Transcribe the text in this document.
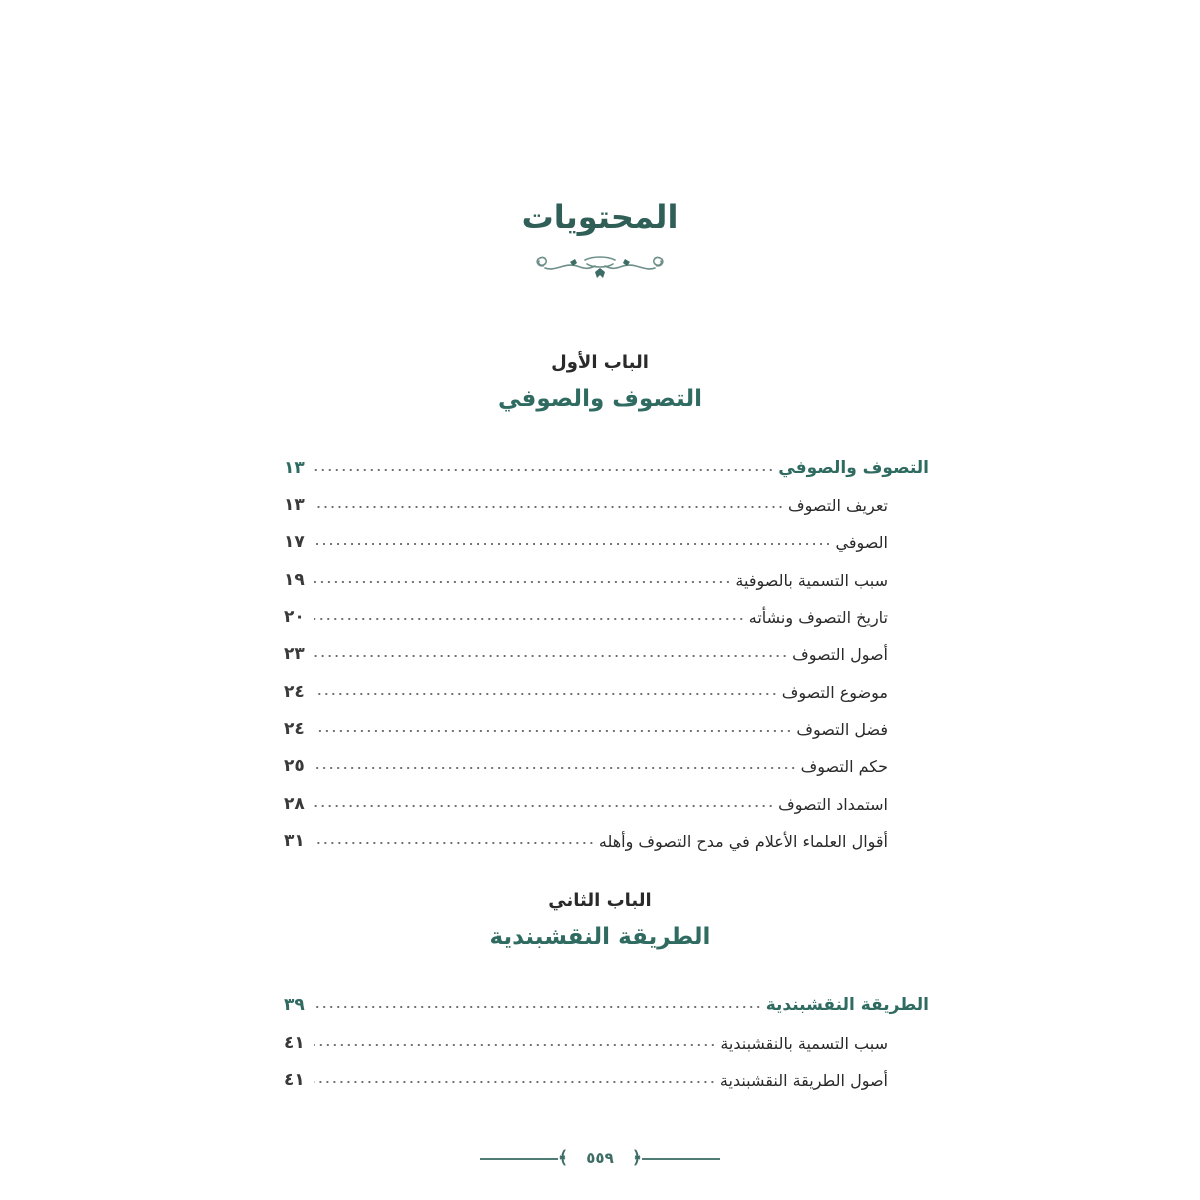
المحتويات
الباب الأول
التصوف والصوفي
التصوف والصوفي
١٣
تعريف التصوف
١٣
الصوفي
١٧
سبب التسمية بالصوفية
١٩
تاريخ التصوف ونشأته
٢٠
أصول التصوف
٢٣
موضوع التصوف
٢٤
فضل التصوف
٢٤
حكم التصوف
٢٥
استمداد التصوف
٢٨
أقوال العلماء الأعلام في مدح التصوف وأهله
٣١
الباب الثاني
الطريقة النقشبندية
الطريقة النقشبندية
٣٩
سبب التسمية بالنقشبندية
٤١
أصول الطريقة النقشبندية
٤١
﴾	٥٥٩	﴿
